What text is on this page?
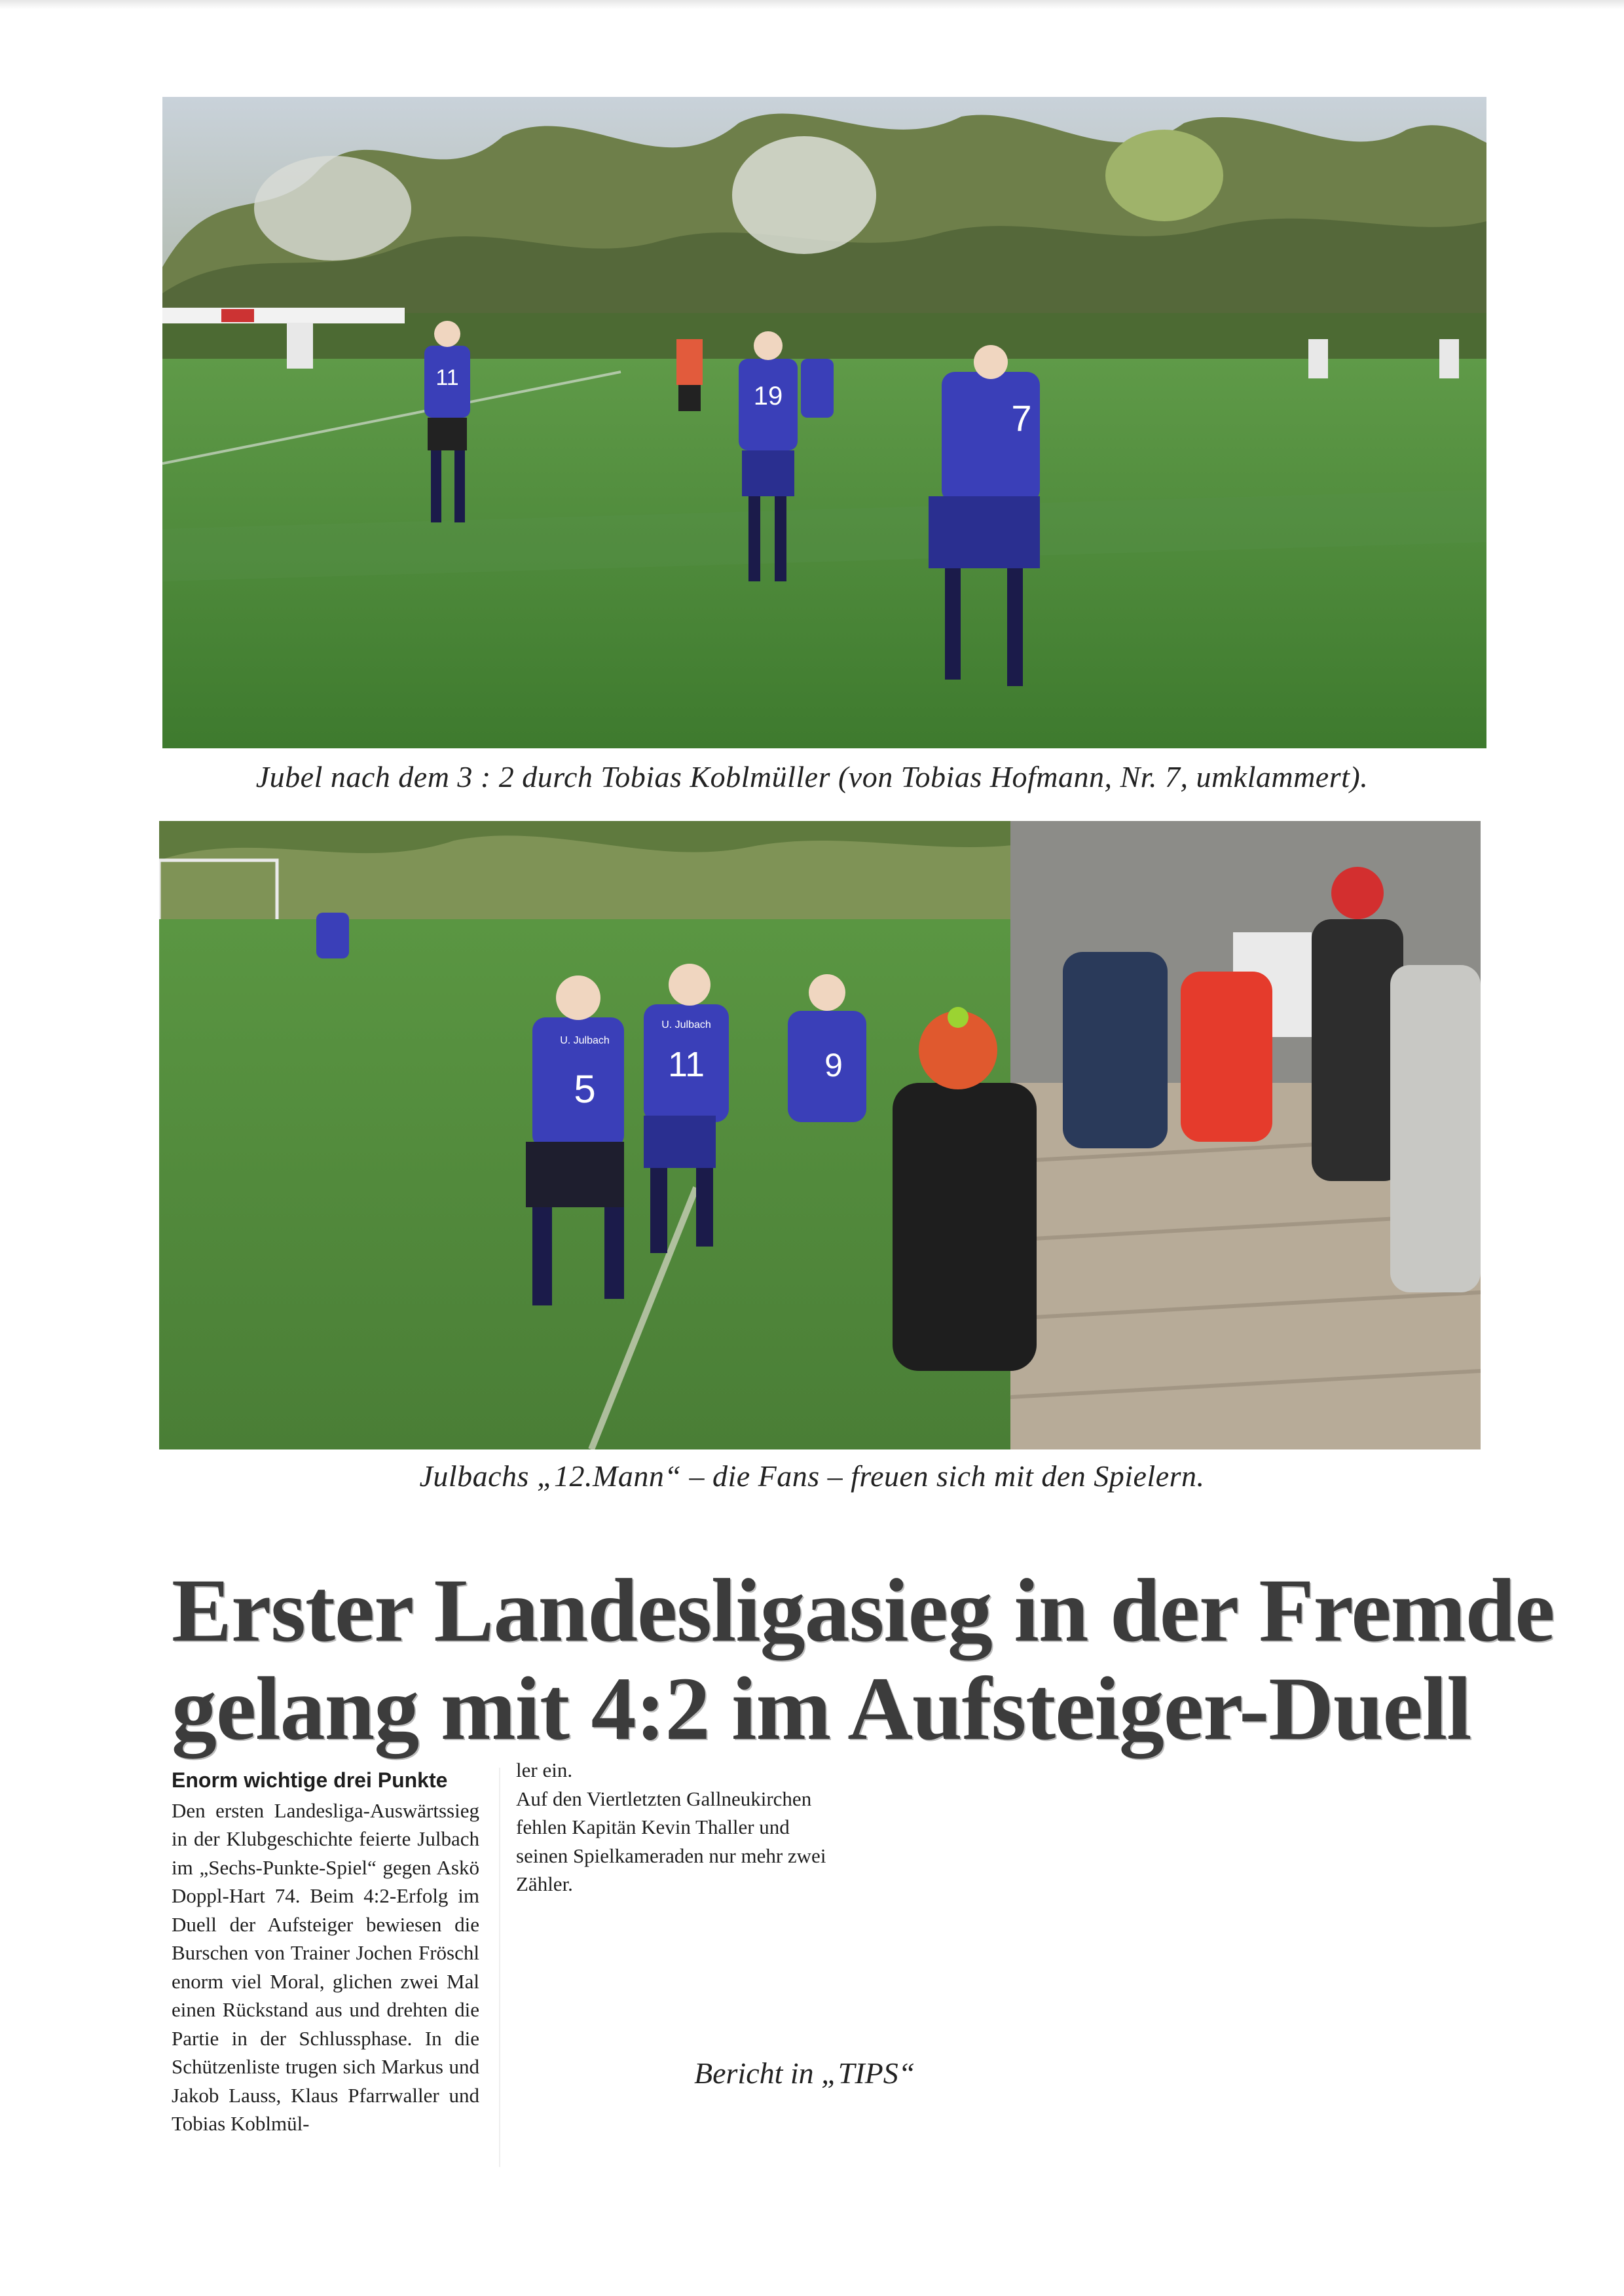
11
19
7
Jubel nach dem 3 : 2 durch Tobias Koblmüller (von Tobias Hofmann, Nr. 7, umklammert).
5
11	9
U. Julbach
U. Julbach
Julbachs „12.Mann“ – die Fans – freuen sich mit den Spielern.
Erster Landesligasieg in der Fremde
gelang mit 4:2 im Aufsteiger-Duell
Enorm wichtige drei Punkte

Den ersten Landesliga-Auswärtssieg in der Klubgeschichte feierte Julbach im „Sechs-Punkte-Spiel“ gegen Askö Doppl-Hart 74. Beim 4:2-Erfolg im Duell der Aufsteiger bewiesen die Burschen von Trainer Jochen Fröschl enorm viel Moral, glichen zwei Mal einen Rückstand aus und drehten die Partie in der Schlussphase. In die Schützenliste trugen sich Markus und Jakob Lauss, Klaus Pfarrwaller und Tobias Koblmül-

ler ein.

Auf den Viertletzten Gallneukirchen fehlen Kapitän Kevin Thaller und seinen Spielkameraden nur mehr zwei Zähler.

Bericht in „TIPS“
